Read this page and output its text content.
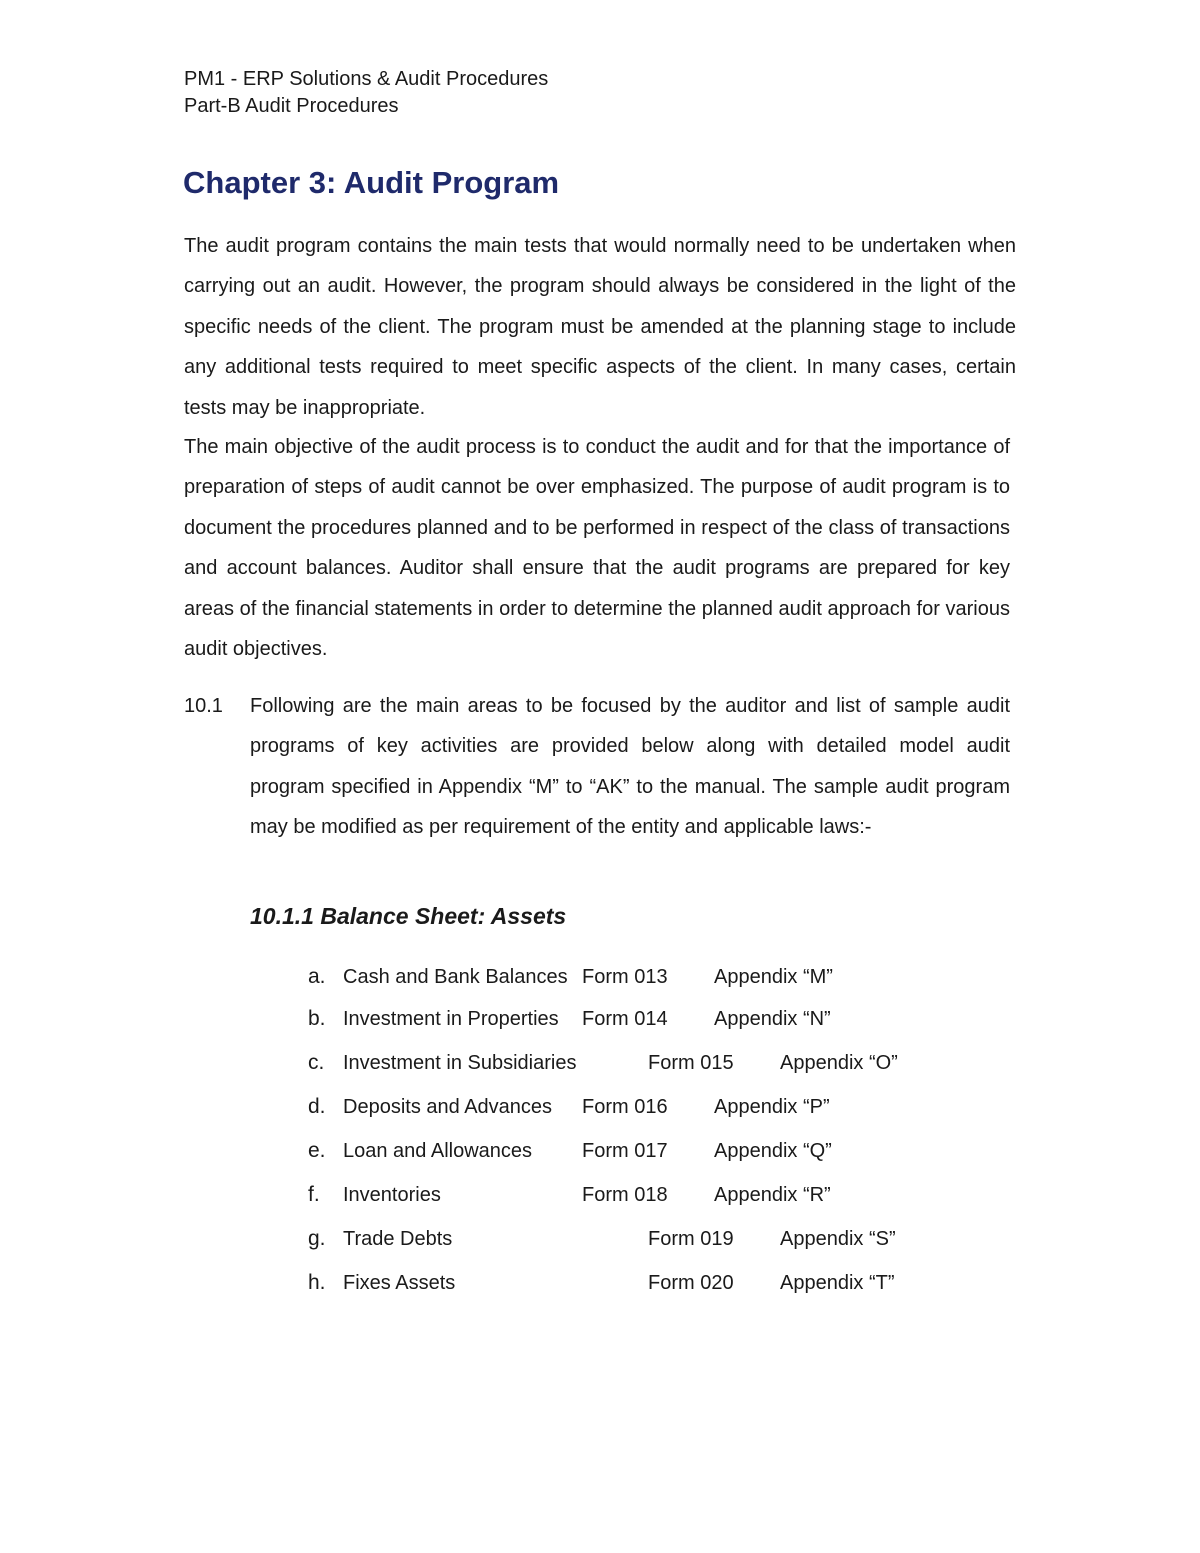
PM1 - ERP Solutions & Audit Procedures
Part-B Audit Procedures
Chapter 3: Audit Program

The audit program contains the main tests that would normally need to be undertaken when carrying out an audit. However, the program should always be considered in the light of the specific needs of the client. The program must be amended at the planning stage to include any additional tests required to meet specific aspects of the client. In many cases, certain tests may be inappropriate.

The main objective of the audit process is to conduct the audit and for that the importance of preparation of steps of audit cannot be over emphasized. The purpose of audit program is to document the procedures planned and to be performed in respect of the class of transactions and account balances. Auditor shall ensure that the audit programs are prepared for key areas of the financial statements in order to determine the planned audit approach for various audit objectives.

10.1 Following are the main areas to be focused by the auditor and list of sample audit programs of key activities are provided below along with detailed model audit program specified in Appendix “M” to “AK” to the manual. The sample audit program may be modified as per requirement of the entity and applicable laws:-

10.1.1 Balance Sheet: Assets
a. Cash and Bank Balances Form 013 Appendix “M”
b. Investment in Properties Form 014 Appendix “N”
c. Investment in Subsidiaries	Form 015 Appendix “O”
d. Deposits and Advances Form 016 Appendix “P”
e. Loan and Allowances Form 017 Appendix “Q”
f. Inventories	Form 018 Appendix “R”
g. Trade Debts	Form 019 Appendix “S”
h. Fixes Assets	Form 020 Appendix “T”
